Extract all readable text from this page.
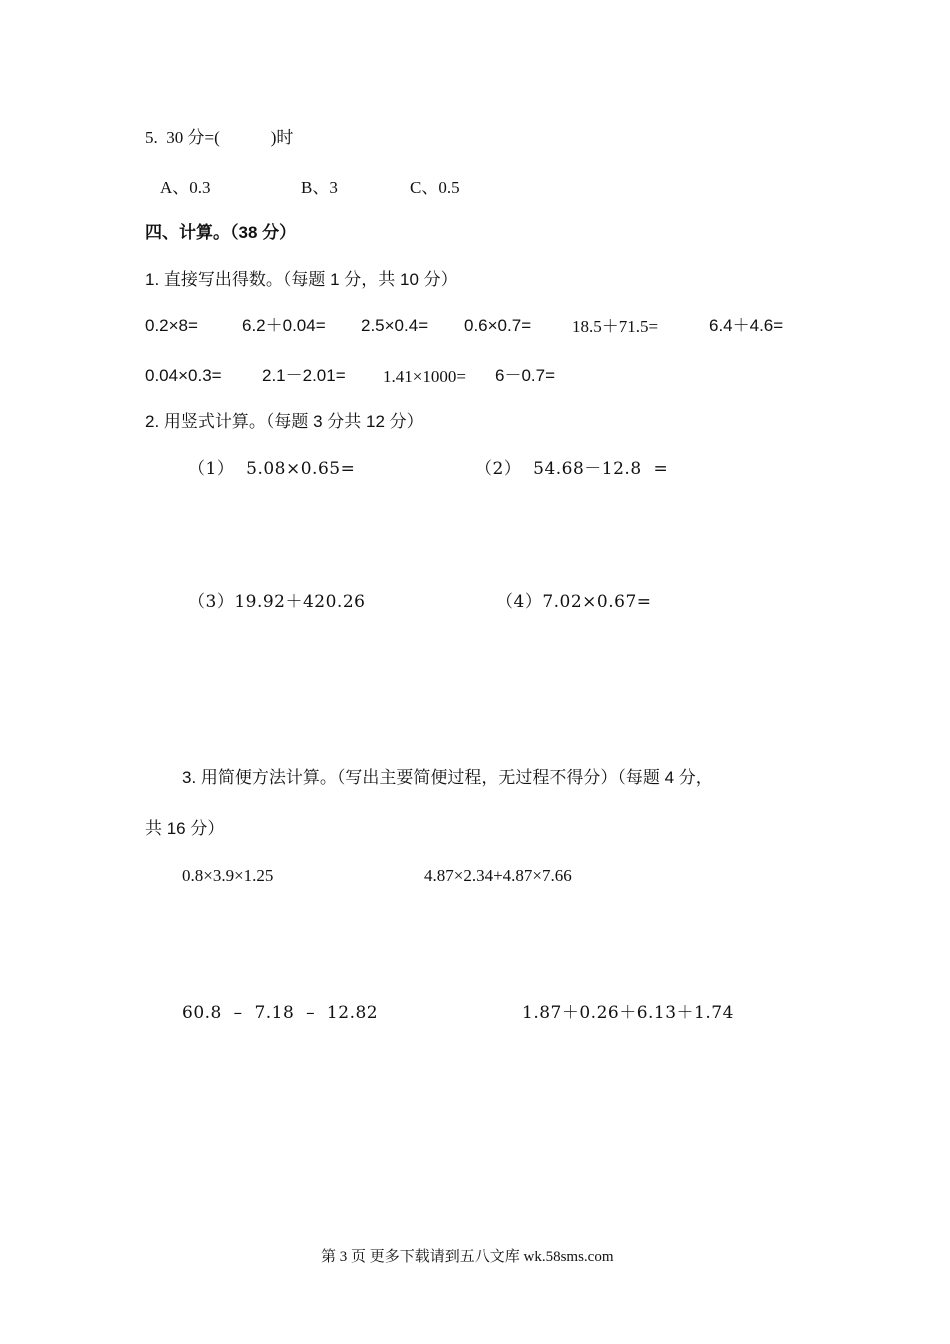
5.  30 分=(            )时
A、0.3	B、3	C、0.5
四、计算。（38 分）
1. 直接写出得数。（每题 1 分，共 10 分）
0.2×8=	6.2＋0.04= 2.5×0.4= 0.6×0.7= 18.5＋71.5=	6.4＋4.6=
0.04×0.3= 2.1－2.01= 1.41×1000= 6－0.7=
2. 用竖式计算。（每题 3 分共 12 分）
（1）  5.08×0.65=	（2）  54.68－12.8  =
（3）19.92＋420.26	（4）7.02×0.67=
3. 用简便方法计算。（写出主要简便过程，无过程不得分）（每题 4 分，
共 16 分）
0.8×3.9×1.25	4.87×2.34+4.87×7.66
60.8  –  7.18  –  12.82	1.87＋0.26＋6.13＋1.74
第 3 页 更多下载请到五八文库 wk.58sms.com
